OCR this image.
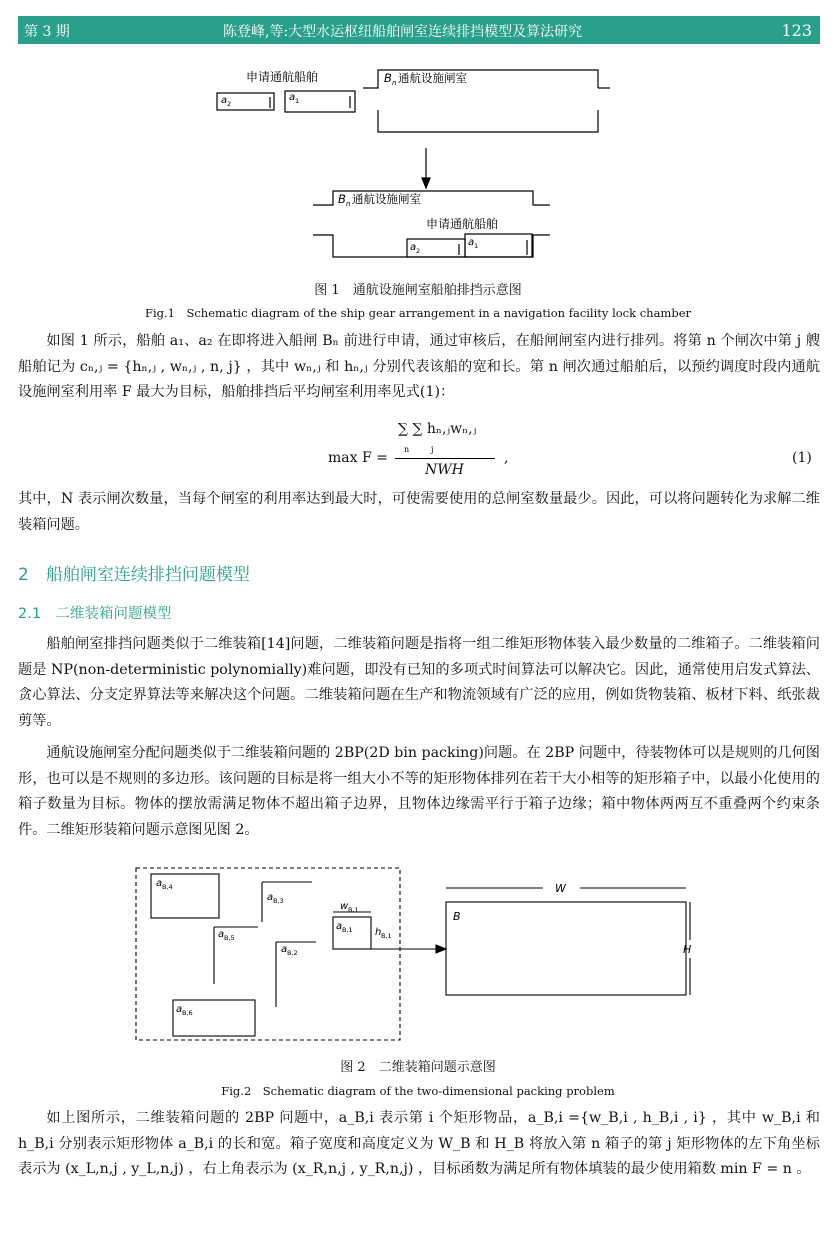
第 3 期	陈登峰,等:大型水运枢纽船舶闸室连续排挡模型及算法研究	123
申请通航船舶	B n 通航设施闸室
a 2
a 1
B n 通航设施闸室
申请通航船舶
a 2
a 1
图 1　通航设施闸室船舶排挡示意图
Fig.1　Schematic diagram of the ship gear arrangement in a navigation facility lock chamber
如图 1 所示，船舶 a₁、a₂ 在即将进入船闸 Bₙ 前进行申请，通过审核后，在船闸闸室内进行排列。将第 n 个闸次中第 j 艘船舶记为 cₙ,ⱼ = {hₙ,ⱼ , wₙ,ⱼ , n, j} ，其中 wₙ,ⱼ 和 hₙ,ⱼ 分别代表该船的宽和长。第 n 闸次通过船舶后，以预约调度时段内通航设施闸室利用率 F 最大为目标，船舶排挡后平均闸室利用率见式(1)：
max F =
∑ ∑ hₙ,ⱼwₙ,ⱼ
n	j
NWH
,	(1)
其中，N 表示闸次数量，当每个闸室的利用率达到最大时，可使需要使用的总闸室数量最少。因此，可以将问题转化为求解二维装箱问题。
2　船舶闸室连续排挡问题模型
2.1　二维装箱问题模型
船舶闸室排挡问题类似于二维装箱[14]问题，二维装箱问题是指将一组二维矩形物体装入最少数量的二维箱子。二维装箱问题是 NP(non-deterministic polynomially)难问题，即没有已知的多项式时间算法可以解决它。因此，通常使用启发式算法、贪心算法、分支定界算法等来解决这个问题。二维装箱问题在生产和物流领域有广泛的应用，例如货物装箱、板材下料、纸张裁剪等。
通航设施闸室分配问题类似于二维装箱问题的 2BP(2D bin packing)问题。在 2BP 问题中，待装物体可以是规则的几何图形，也可以是不规则的多边形。该问题的目标是将一组大小不等的矩形物体排列在若干大小相等的矩形箱子中，以最小化使用的箱子数量为目标。物体的摆放需满足物体不超出箱子边界，且物体边缘需平行于箱子边缘；箱中物体两两互不重叠两个约束条件。二维矩形装箱问题示意图见图 2。
a B,4
a B,3
a B,5
a B,2
a B,1
a B,6
w B,1
h B,1
B
W
H
图 2　二维装箱问题示意图
Fig.2　Schematic diagram of the two-dimensional packing problem
如上图所示，二维装箱问题的 2BP 问题中，a_B,i 表示第 i 个矩形物品，a_B,i ={w_B,i , h_B,i , i} ，其中 w_B,i 和 h_B,i 分别表示矩形物体 a_B,i 的长和宽。箱子宽度和高度定义为 W_B 和 H_B 将放入第 n 箱子的第 j 矩形物体的左下角坐标表示为 (x_L,n,j , y_L,n,j) ，右上角表示为 (x_R,n,j , y_R,n,j) ，目标函数为满足所有物体填装的最少使用箱数 min F = n 。
